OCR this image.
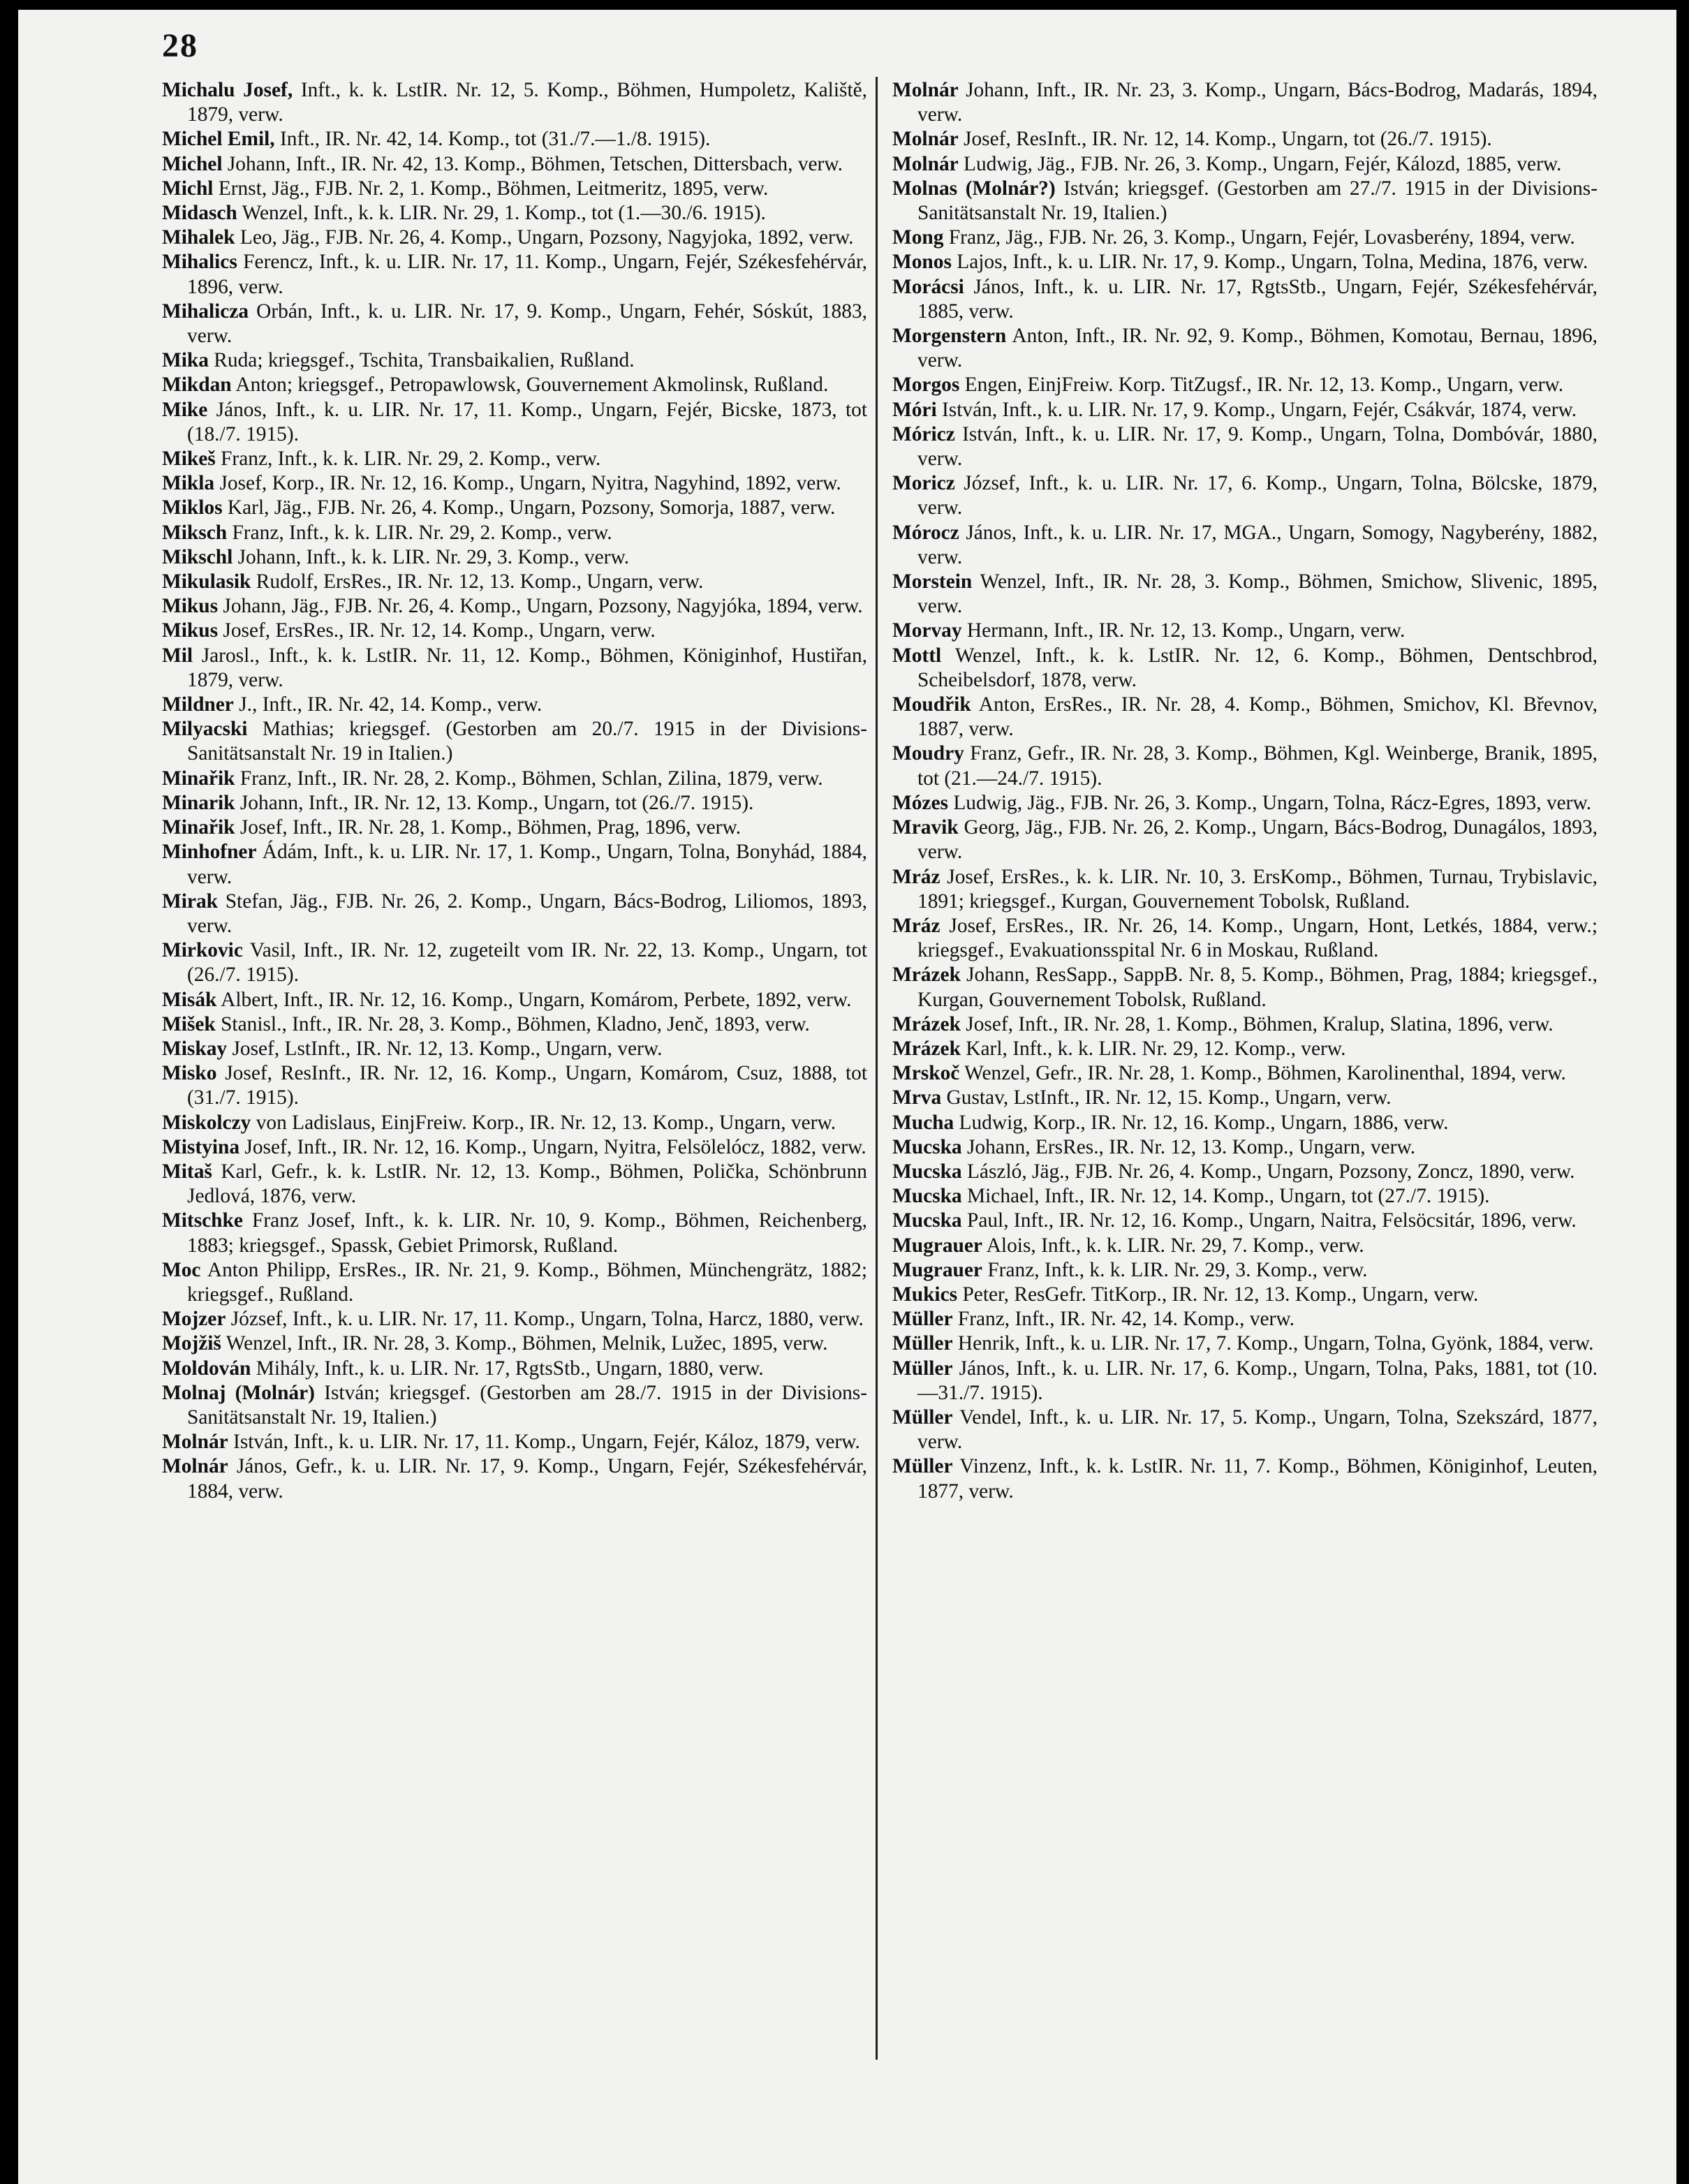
28

Michalu Josef, Inft., k. k. LstIR. Nr. 12, 5. Komp., Böhmen, Humpoletz, Kaliště, 1879, verw.

Michel Emil, Inft., IR. Nr. 42, 14. Komp., tot (31./7.—1./8. 1915).

Michel Johann, Inft., IR. Nr. 42, 13. Komp., Böhmen, Tetschen, Dittersbach, verw.

Michl Ernst, Jäg., FJB. Nr. 2, 1. Komp., Böhmen, Leitmeritz, 1895, verw.

Midasch Wenzel, Inft., k. k. LIR. Nr. 29, 1. Komp., tot (1.—30./6. 1915).

Mihalek Leo, Jäg., FJB. Nr. 26, 4. Komp., Ungarn, Pozsony, Nagyjoka, 1892, verw.

Mihalics Ferencz, Inft., k. u. LIR. Nr. 17, 11. Komp., Ungarn, Fejér, Székesfehérvár, 1896, verw.

Mihalicza Orbán, Inft., k. u. LIR. Nr. 17, 9. Komp., Ungarn, Fehér, Sóskút, 1883, verw.

Mika Ruda; kriegsgef., Tschita, Transbaikalien, Rußland.

Mikdan Anton; kriegsgef., Petropawlowsk, Gouvernement Akmolinsk, Rußland.

Mike János, Inft., k. u. LIR. Nr. 17, 11. Komp., Ungarn, Fejér, Bicske, 1873, tot (18./7. 1915).

Mikeš Franz, Inft., k. k. LIR. Nr. 29, 2. Komp., verw.

Mikla Josef, Korp., IR. Nr. 12, 16. Komp., Ungarn, Nyitra, Nagyhind, 1892, verw.

Miklos Karl, Jäg., FJB. Nr. 26, 4. Komp., Ungarn, Pozsony, Somorja, 1887, verw.

Miksch Franz, Inft., k. k. LIR. Nr. 29, 2. Komp., verw.

Mikschl Johann, Inft., k. k. LIR. Nr. 29, 3. Komp., verw.

Mikulasik Rudolf, ErsRes., IR. Nr. 12, 13. Komp., Ungarn, verw.

Mikus Johann, Jäg., FJB. Nr. 26, 4. Komp., Ungarn, Pozsony, Nagyjóka, 1894, verw.

Mikus Josef, ErsRes., IR. Nr. 12, 14. Komp., Ungarn, verw.

Mil Jarosl., Inft., k. k. LstIR. Nr. 11, 12. Komp., Böhmen, Königinhof, Hustiřan, 1879, verw.

Mildner J., Inft., IR. Nr. 42, 14. Komp., verw.

Milyacski Mathias; kriegsgef. (Gestorben am 20./7. 1915 in der Divisions-Sanitätsanstalt Nr. 19 in Italien.)

Minařik Franz, Inft., IR. Nr. 28, 2. Komp., Böhmen, Schlan, Zilina, 1879, verw.

Minarik Johann, Inft., IR. Nr. 12, 13. Komp., Ungarn, tot (26./7. 1915).

Minařik Josef, Inft., IR. Nr. 28, 1. Komp., Böhmen, Prag, 1896, verw.

Minhofner Ádám, Inft., k. u. LIR. Nr. 17, 1. Komp., Ungarn, Tolna, Bonyhád, 1884, verw.

Mirak Stefan, Jäg., FJB. Nr. 26, 2. Komp., Ungarn, Bács-Bodrog, Liliomos, 1893, verw.

Mirkovic Vasil, Inft., IR. Nr. 12, zugeteilt vom IR. Nr. 22, 13. Komp., Ungarn, tot (26./7. 1915).

Misák Albert, Inft., IR. Nr. 12, 16. Komp., Ungarn, Komárom, Perbete, 1892, verw.

Mišek Stanisl., Inft., IR. Nr. 28, 3. Komp., Böhmen, Kladno, Jenč, 1893, verw.

Miskay Josef, LstInft., IR. Nr. 12, 13. Komp., Ungarn, verw.

Misko Josef, ResInft., IR. Nr. 12, 16. Komp., Ungarn, Komárom, Csuz, 1888, tot (31./7. 1915).

Miskolczy von Ladislaus, EinjFreiw. Korp., IR. Nr. 12, 13. Komp., Ungarn, verw.

Mistyina Josef, Inft., IR. Nr. 12, 16. Komp., Ungarn, Nyitra, Felsölelócz, 1882, verw.

Mitaš Karl, Gefr., k. k. LstIR. Nr. 12, 13. Komp., Böhmen, Polička, Schönbrunn Jedlová, 1876, verw.

Mitschke Franz Josef, Inft., k. k. LIR. Nr. 10, 9. Komp., Böhmen, Reichenberg, 1883; kriegsgef., Spassk, Gebiet Primorsk, Rußland.

Moc Anton Philipp, ErsRes., IR. Nr. 21, 9. Komp., Böhmen, Münchengrätz, 1882; kriegsgef., Rußland.

Mojzer József, Inft., k. u. LIR. Nr. 17, 11. Komp., Ungarn, Tolna, Harcz, 1880, verw.

Mojžiš Wenzel, Inft., IR. Nr. 28, 3. Komp., Böhmen, Melnik, Lužec, 1895, verw.

Moldován Mihály, Inft., k. u. LIR. Nr. 17, RgtsStb., Ungarn, 1880, verw.

Molnaj (Molnár) István; kriegsgef. (Gestorben am 28./7. 1915 in der Divisions-Sanitätsanstalt Nr. 19, Italien.)

Molnár István, Inft., k. u. LIR. Nr. 17, 11. Komp., Ungarn, Fejér, Káloz, 1879, verw.

Molnár János, Gefr., k. u. LIR. Nr. 17, 9. Komp., Ungarn, Fejér, Székesfehérvár, 1884, verw.

Molnár Johann, Inft., IR. Nr. 23, 3. Komp., Ungarn, Bács-Bodrog, Madarás, 1894, verw.

Molnár Josef, ResInft., IR. Nr. 12, 14. Komp., Ungarn, tot (26./7. 1915).

Molnár Ludwig, Jäg., FJB. Nr. 26, 3. Komp., Ungarn, Fejér, Kálozd, 1885, verw.

Molnas (Molnár?) István; kriegsgef. (Gestorben am 27./7. 1915 in der Divisions-Sanitätsanstalt Nr. 19, Italien.)

Mong Franz, Jäg., FJB. Nr. 26, 3. Komp., Ungarn, Fejér, Lovasberény, 1894, verw.

Monos Lajos, Inft., k. u. LIR. Nr. 17, 9. Komp., Ungarn, Tolna, Medina, 1876, verw.

Morácsi János, Inft., k. u. LIR. Nr. 17, RgtsStb., Ungarn, Fejér, Székesfehérvár, 1885, verw.

Morgenstern Anton, Inft., IR. Nr. 92, 9. Komp., Böhmen, Komotau, Bernau, 1896, verw.

Morgos Engen, EinjFreiw. Korp. TitZugsf., IR. Nr. 12, 13. Komp., Ungarn, verw.

Móri István, Inft., k. u. LIR. Nr. 17, 9. Komp., Ungarn, Fejér, Csákvár, 1874, verw.

Móricz István, Inft., k. u. LIR. Nr. 17, 9. Komp., Ungarn, Tolna, Dombóvár, 1880, verw.

Moricz József, Inft., k. u. LIR. Nr. 17, 6. Komp., Ungarn, Tolna, Bölcske, 1879, verw.

Mórocz János, Inft., k. u. LIR. Nr. 17, MGA., Ungarn, Somogy, Nagyberény, 1882, verw.

Morstein Wenzel, Inft., IR. Nr. 28, 3. Komp., Böhmen, Smichow, Slivenic, 1895, verw.

Morvay Hermann, Inft., IR. Nr. 12, 13. Komp., Ungarn, verw.

Mottl Wenzel, Inft., k. k. LstIR. Nr. 12, 6. Komp., Böhmen, Dentschbrod, Scheibelsdorf, 1878, verw.

Moudřik Anton, ErsRes., IR. Nr. 28, 4. Komp., Böhmen, Smichov, Kl. Břevnov, 1887, verw.

Moudry Franz, Gefr., IR. Nr. 28, 3. Komp., Böhmen, Kgl. Weinberge, Branik, 1895, tot (21.—24./7. 1915).

Mózes Ludwig, Jäg., FJB. Nr. 26, 3. Komp., Ungarn, Tolna, Rácz-Egres, 1893, verw.

Mravik Georg, Jäg., FJB. Nr. 26, 2. Komp., Ungarn, Bács-Bodrog, Dunagálos, 1893, verw.

Mráz Josef, ErsRes., k. k. LIR. Nr. 10, 3. ErsKomp., Böhmen, Turnau, Trybislavic, 1891; kriegsgef., Kurgan, Gouvernement Tobolsk, Rußland.

Mráz Josef, ErsRes., IR. Nr. 26, 14. Komp., Ungarn, Hont, Letkés, 1884, verw.; kriegsgef., Evakuationsspital Nr. 6 in Moskau, Rußland.

Mrázek Johann, ResSapp., SappB. Nr. 8, 5. Komp., Böhmen, Prag, 1884; kriegsgef., Kurgan, Gouvernement Tobolsk, Rußland.

Mrázek Josef, Inft., IR. Nr. 28, 1. Komp., Böhmen, Kralup, Slatina, 1896, verw.

Mrázek Karl, Inft., k. k. LIR. Nr. 29, 12. Komp., verw.

Mrskoč Wenzel, Gefr., IR. Nr. 28, 1. Komp., Böhmen, Karolinenthal, 1894, verw.

Mrva Gustav, LstInft., IR. Nr. 12, 15. Komp., Ungarn, verw.

Mucha Ludwig, Korp., IR. Nr. 12, 16. Komp., Ungarn, 1886, verw.

Mucska Johann, ErsRes., IR. Nr. 12, 13. Komp., Ungarn, verw.

Mucska László, Jäg., FJB. Nr. 26, 4. Komp., Ungarn, Pozsony, Zoncz, 1890, verw.

Mucska Michael, Inft., IR. Nr. 12, 14. Komp., Ungarn, tot (27./7. 1915).

Mucska Paul, Inft., IR. Nr. 12, 16. Komp., Ungarn, Naitra, Felsöcsitár, 1896, verw.

Mugrauer Alois, Inft., k. k. LIR. Nr. 29, 7. Komp., verw.

Mugrauer Franz, Inft., k. k. LIR. Nr. 29, 3. Komp., verw.

Mukics Peter, ResGefr. TitKorp., IR. Nr. 12, 13. Komp., Ungarn, verw.

Müller Franz, Inft., IR. Nr. 42, 14. Komp., verw.

Müller Henrik, Inft., k. u. LIR. Nr. 17, 7. Komp., Ungarn, Tolna, Gyönk, 1884, verw.

Müller János, Inft., k. u. LIR. Nr. 17, 6. Komp., Ungarn, Tolna, Paks, 1881, tot (10.—31./7. 1915).

Müller Vendel, Inft., k. u. LIR. Nr. 17, 5. Komp., Ungarn, Tolna, Szekszárd, 1877, verw.

Müller Vinzenz, Inft., k. k. LstIR. Nr. 11, 7. Komp., Böhmen, Königinhof, Leuten, 1877, verw.
